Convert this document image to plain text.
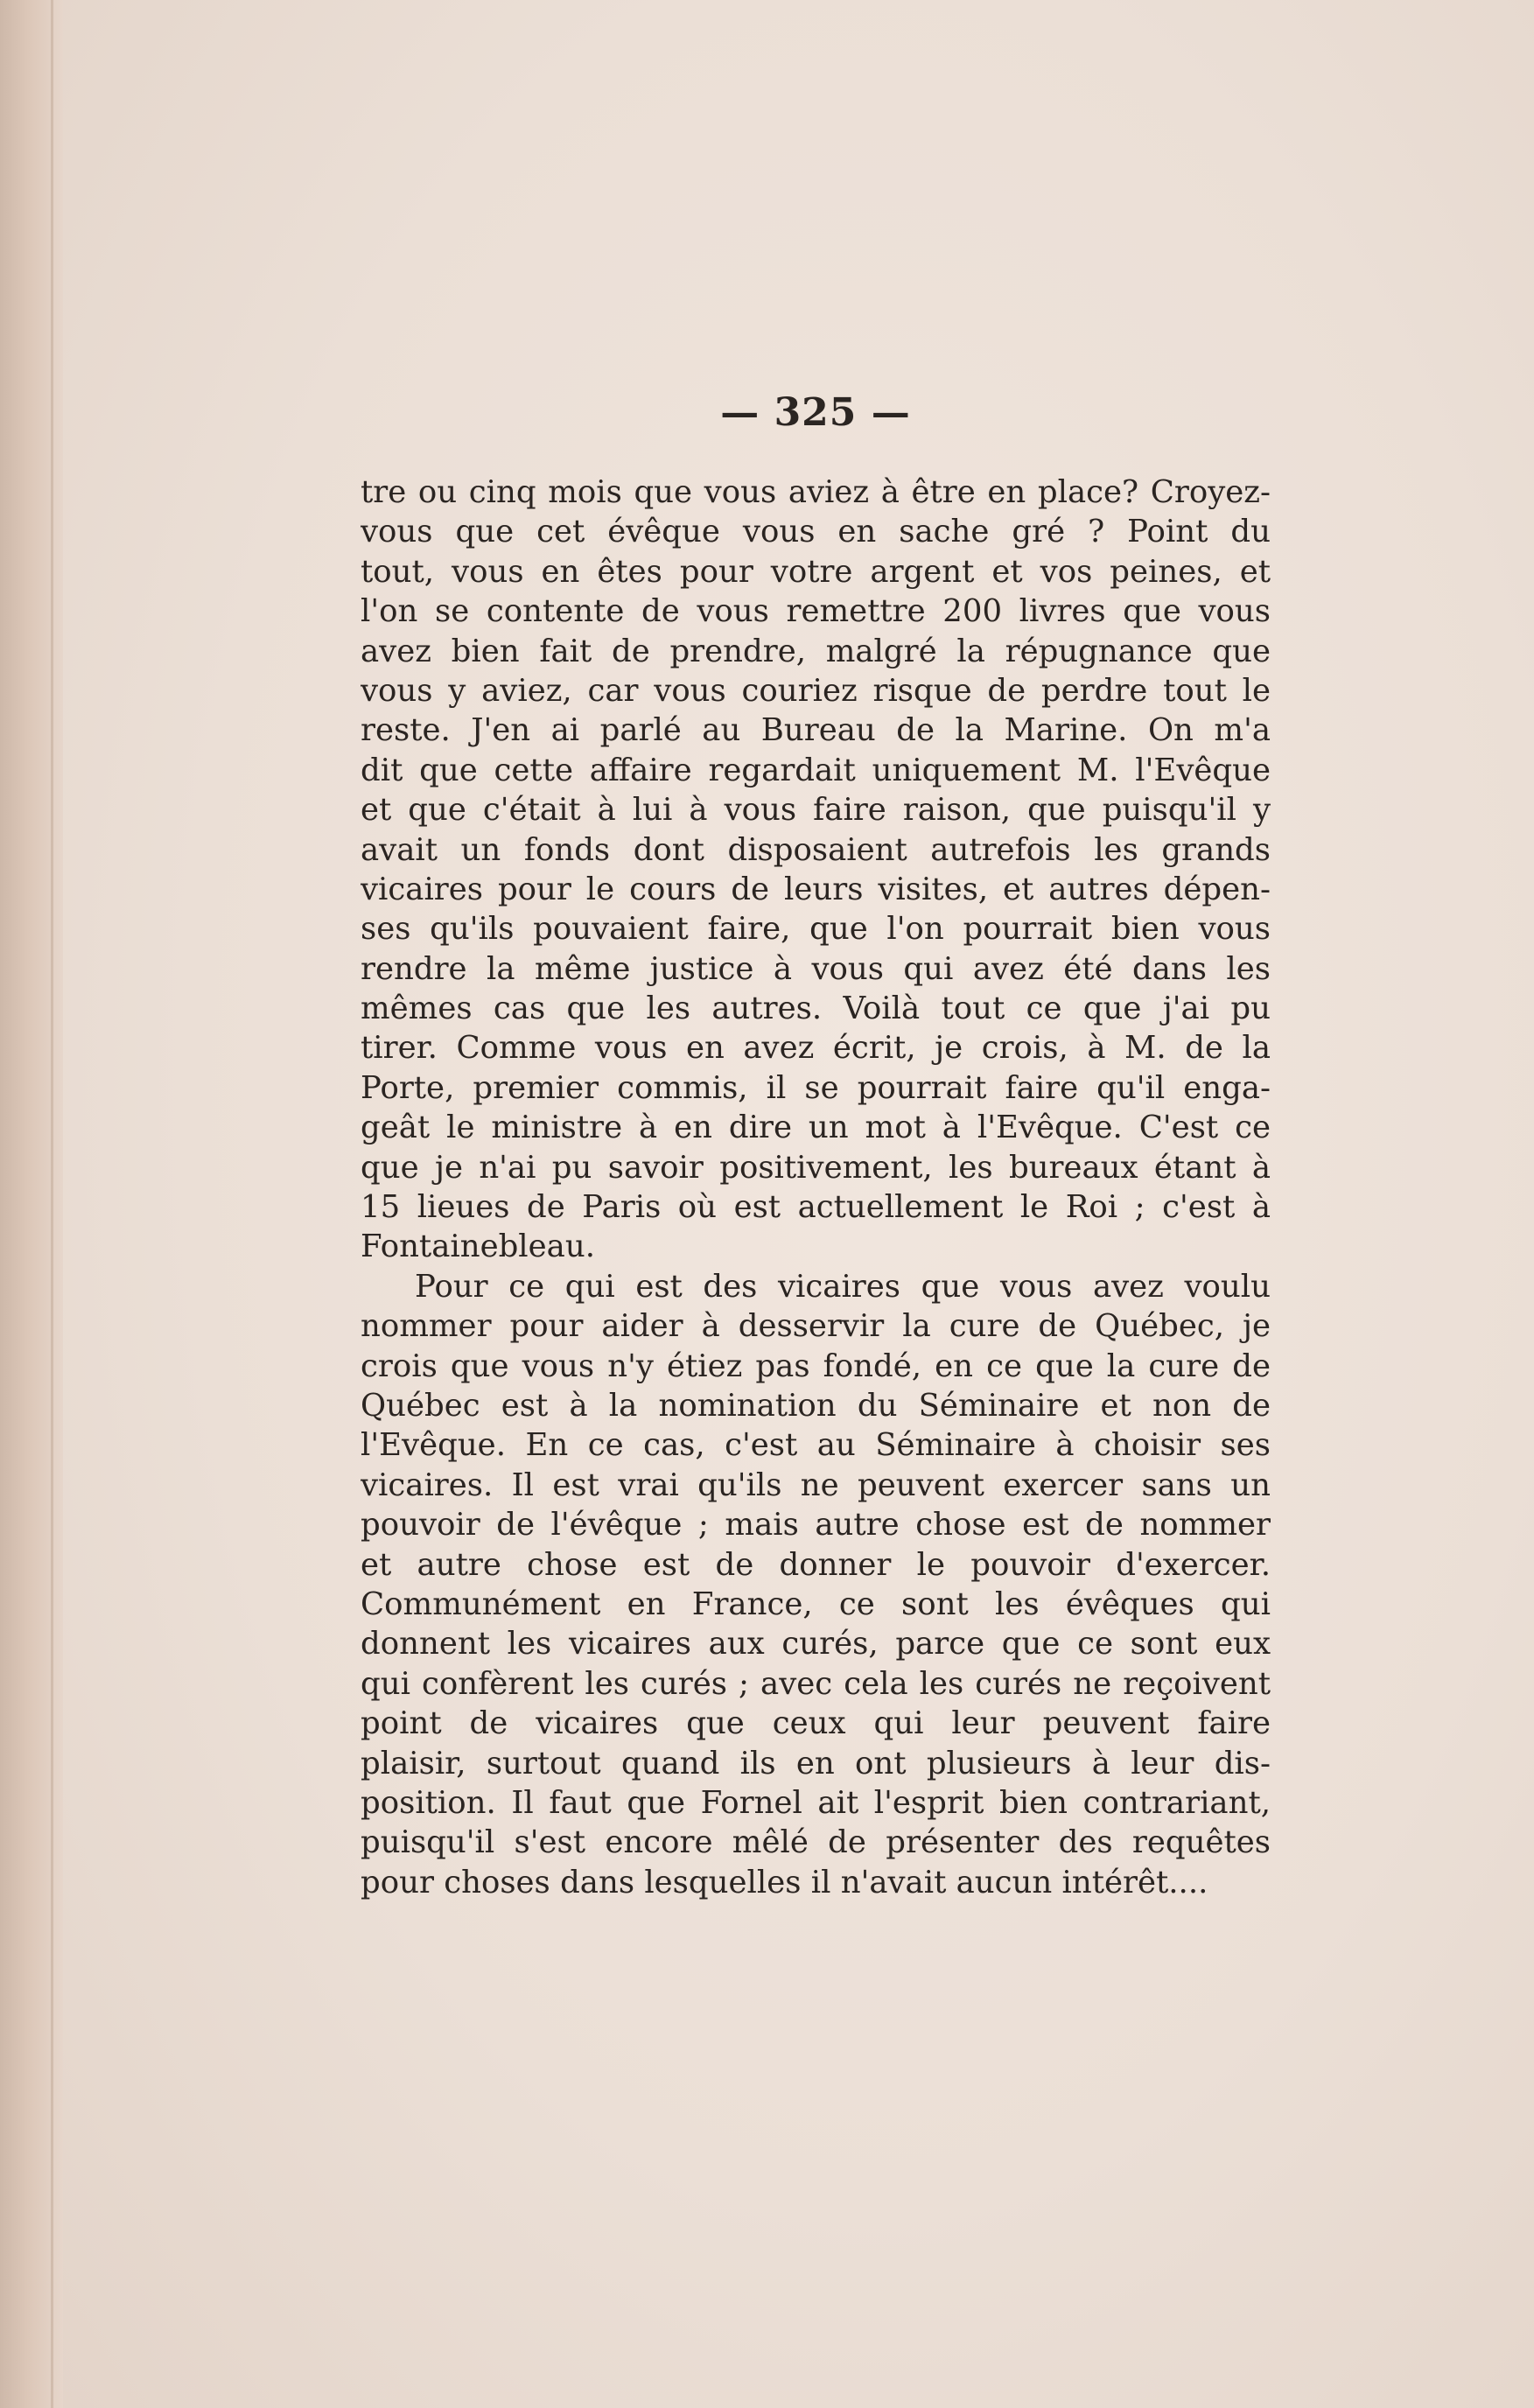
— 325 —
tre ou cinq mois que vous aviez à être en place? Croyez-
vous que cet évêque vous en sache gré ? Point du
tout, vous en êtes pour votre argent et vos peines, et
l'on se contente de vous remettre 200 livres que vous
avez bien fait de prendre, malgré la répugnance que
vous y aviez, car vous couriez risque de perdre tout le
reste. J'en ai parlé au Bureau de la Marine. On m'a
dit que cette affaire regardait uniquement M. l'Evêque
et que c'était à lui à vous faire raison, que puisqu'il y
avait un fonds dont disposaient autrefois les grands
vicaires pour le cours de leurs visites, et autres dépen-
ses qu'ils pouvaient faire, que l'on pourrait bien vous
rendre la même justice à vous qui avez été dans les
mêmes cas que les autres. Voilà tout ce que j'ai pu
tirer. Comme vous en avez écrit, je crois, à M. de la
Porte, premier commis, il se pourrait faire qu'il enga-
geât le ministre à en dire un mot à l'Evêque. C'est ce
que je n'ai pu savoir positivement, les bureaux étant à
15 lieues de Paris où est actuellement le Roi ; c'est à
Fontainebleau.
Pour ce qui est des vicaires que vous avez voulu
nommer pour aider à desservir la cure de Québec, je
crois que vous n'y étiez pas fondé, en ce que la cure de
Québec est à la nomination du Séminaire et non de
l'Evêque. En ce cas, c'est au Séminaire à choisir ses
vicaires. Il est vrai qu'ils ne peuvent exercer sans un
pouvoir de l'évêque ; mais autre chose est de nommer
et autre chose est de donner le pouvoir d'exercer.
Communément en France, ce sont les évêques qui
donnent les vicaires aux curés, parce que ce sont eux
qui confèrent les curés ; avec cela les curés ne reçoivent
point de vicaires que ceux qui leur peuvent faire
plaisir, surtout quand ils en ont plusieurs à leur dis-
position. Il faut que Fornel ait l'esprit bien contrariant,
puisqu'il s'est encore mêlé de présenter des requêtes
pour choses dans lesquelles il n'avait aucun intérêt....
